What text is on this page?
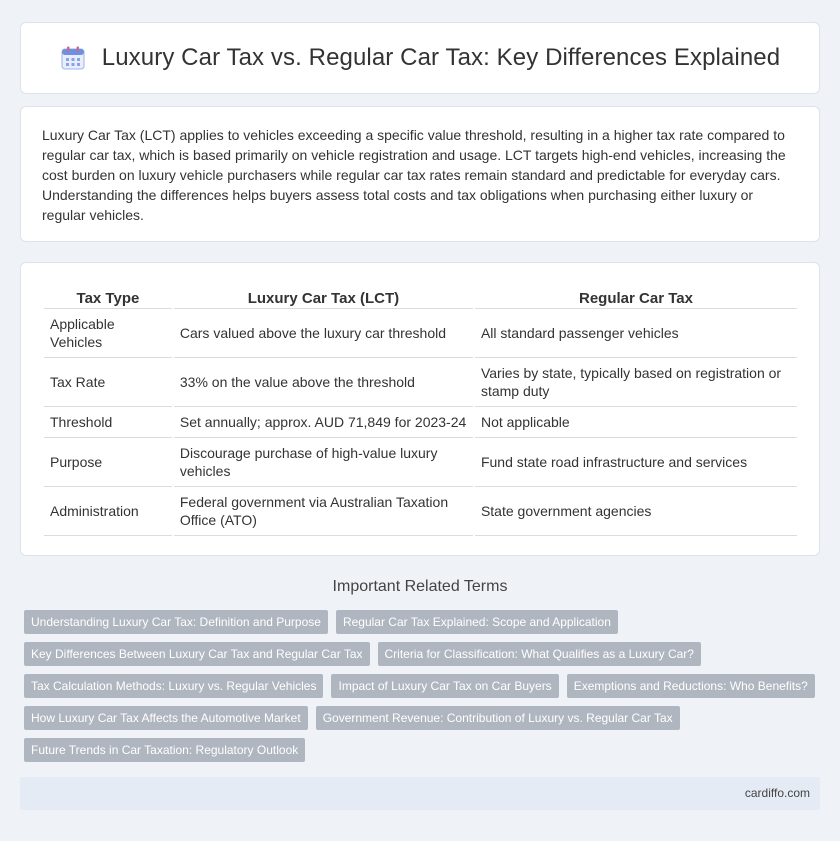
Luxury Car Tax vs. Regular Car Tax: Key Differences Explained

Luxury Car Tax (LCT) applies to vehicles exceeding a specific value threshold, resulting in a higher tax rate compared to regular car tax, which is based primarily on vehicle registration and usage. LCT targets high-end vehicles, increasing the cost burden on luxury vehicle purchasers while regular car tax rates remain standard and predictable for everyday cars. Understanding the differences helps buyers assess total costs and tax obligations when purchasing either luxury or regular vehicles.

Tax Type	Luxury Car Tax (LCT)	Regular Car Tax
Applicable Vehicles	Cars valued above the luxury car threshold	All standard passenger vehicles
Tax Rate	33% on the value above the threshold	Varies by state, typically based on registration or stamp duty
Threshold	Set annually; approx. AUD 71,849 for 2023-24	Not applicable
Purpose	Discourage purchase of high-value luxury vehicles	Fund state road infrastructure and services
Administration	Federal government via Australian Taxation Office (ATO)	State government agencies
Important Related Terms
Understanding Luxury Car Tax: Definition and Purpose	Regular Car Tax Explained: Scope and Application
Key Differences Between Luxury Car Tax and Regular Car Tax	Criteria for Classification: What Qualifies as a Luxury Car?
Tax Calculation Methods: Luxury vs. Regular Vehicles	Impact of Luxury Car Tax on Car Buyers	Exemptions and Reductions: Who Benefits?
How Luxury Car Tax Affects the Automotive Market	Government Revenue: Contribution of Luxury vs. Regular Car Tax
Future Trends in Car Taxation: Regulatory Outlook
cardiffo.com
